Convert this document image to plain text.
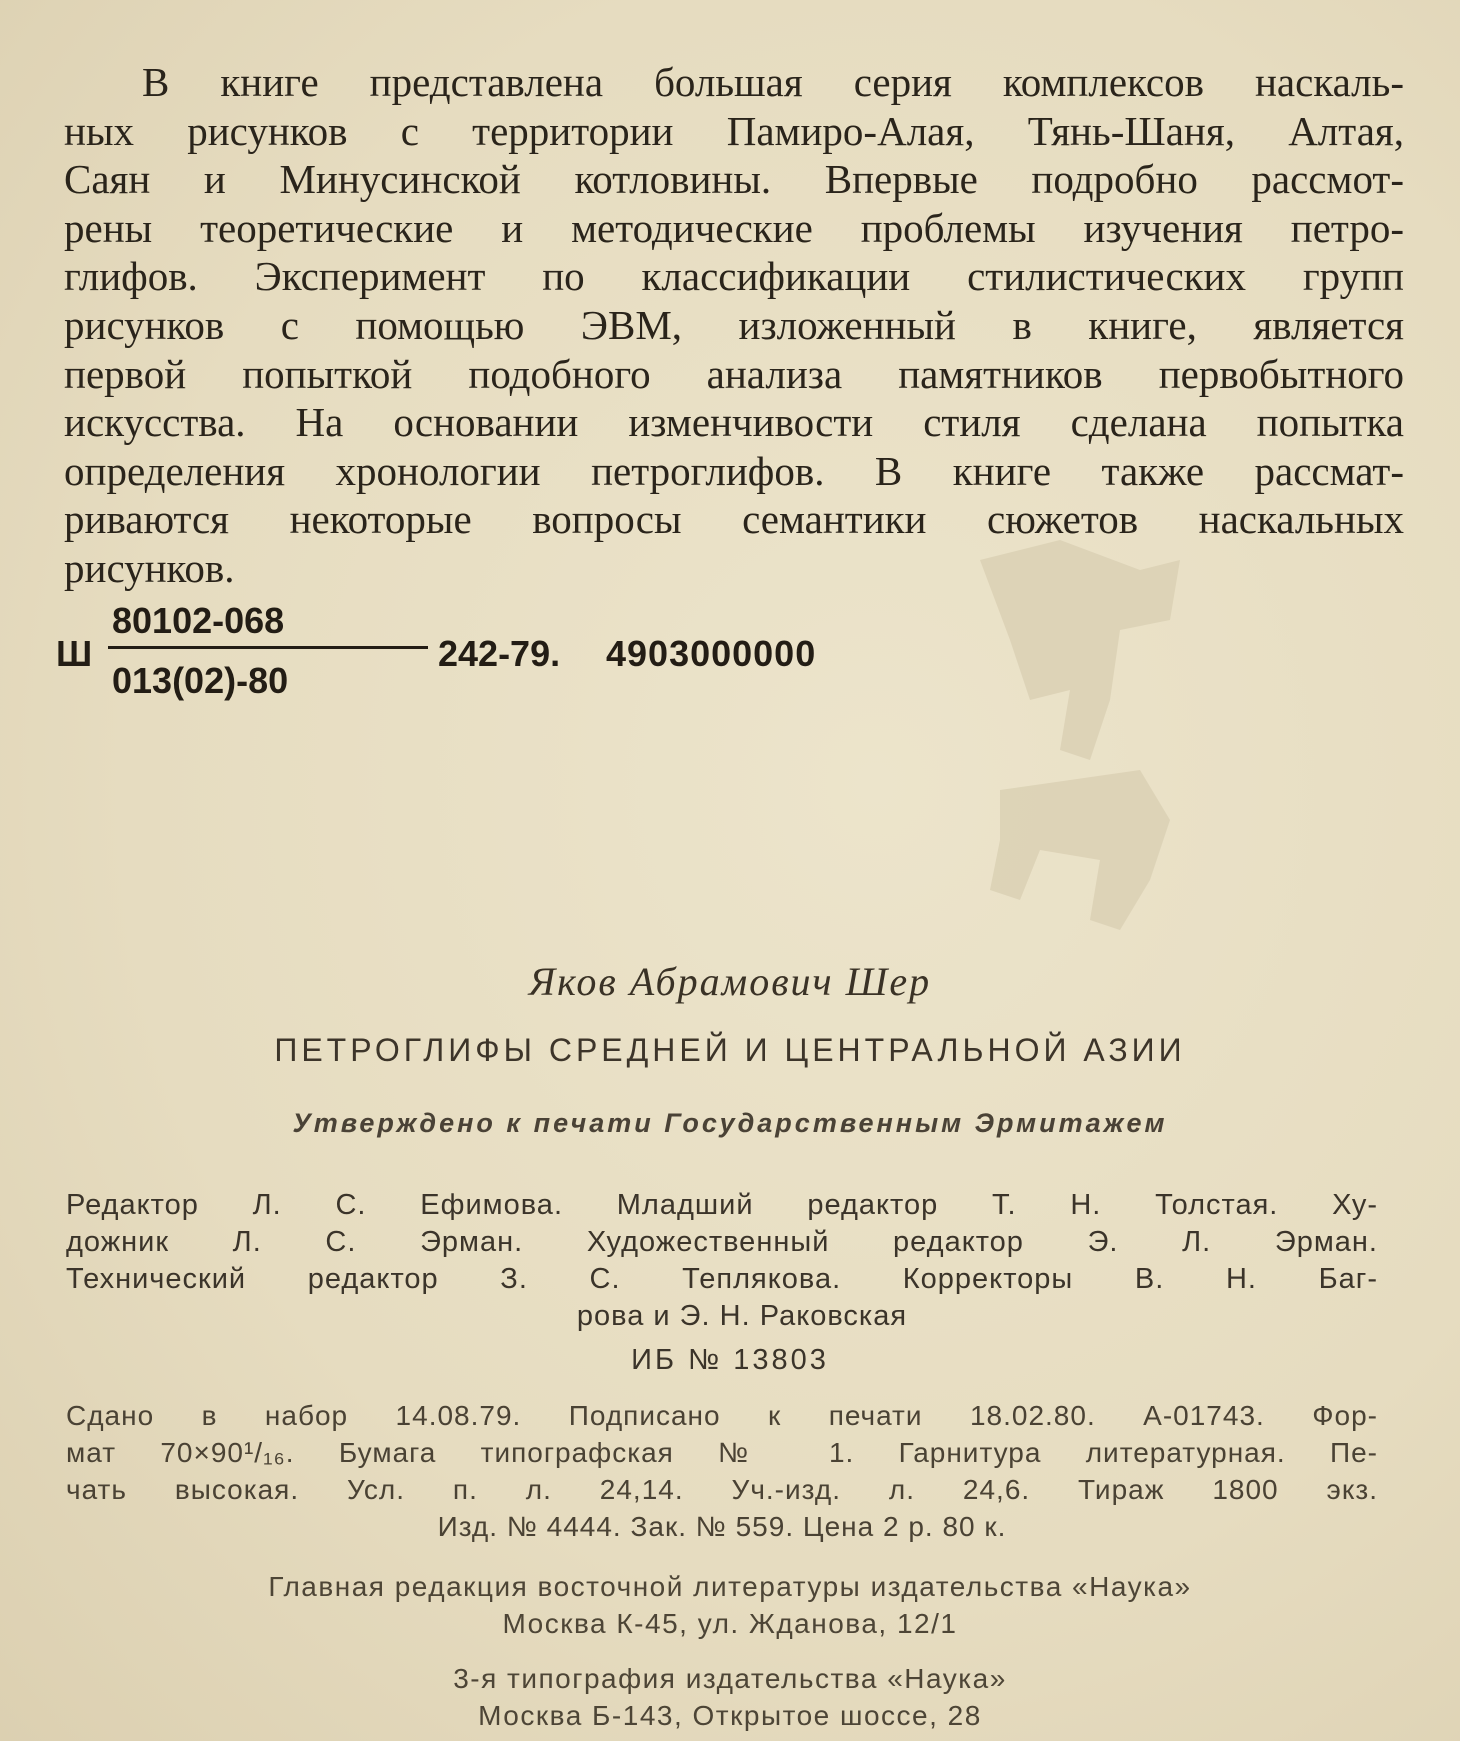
В книге представлена большая серия комплексов наскаль-
ных рисунков с территории Памиро-Алая, Тянь-Шаня, Алтая,
Саян и Минусинской котловины. Впервые подробно рассмот-
рены теоретические и методические проблемы изучения петро-
глифов. Эксперимент по классификации стилистических групп
рисунков с помощью ЭВМ, изложенный в книге, является
первой попыткой подобного анализа памятников первобытного
искусства. На основании изменчивости стиля сделана попытка
определения хронологии петроглифов. В книге также рассмат-
риваются некоторые вопросы семантики сюжетов наскальных
рисунков.
Ш
80102-068
013(02)-80
242-79. 4903000000
Яков Абрамович Шер
ПЕТРОГЛИФЫ СРЕДНЕЙ И ЦЕНТРАЛЬНОЙ АЗИИ
Утверждено к печати Государственным Эрмитажем
Редактор Л. С. Ефимова. Младший редактор Т. Н. Толстая. Ху-
дожник Л. С. Эрман. Художественный редактор Э. Л. Эрман.
Технический редактор З. С. Теплякова. Корректоры В. Н. Баг-
рова и Э. Н. Раковская
ИБ № 13803
Сдано в набор 14.08.79. Подписано к печати 18.02.80. А-01743. Фор-
мат 70×90¹/₁₆. Бумага типографская № 1. Гарнитура литературная. Пе-
чать высокая. Усл. п. л. 24,14. Уч.-изд. л. 24,6. Тираж 1800 экз.
Изд. № 4444. Зак. № 559. Цена 2 р. 80 к.
Главная редакция восточной литературы издательства «Наука»
Москва К-45, ул. Жданова, 12/1
3-я типография издательства «Наука»
Москва Б-143, Открытое шоссе, 28
